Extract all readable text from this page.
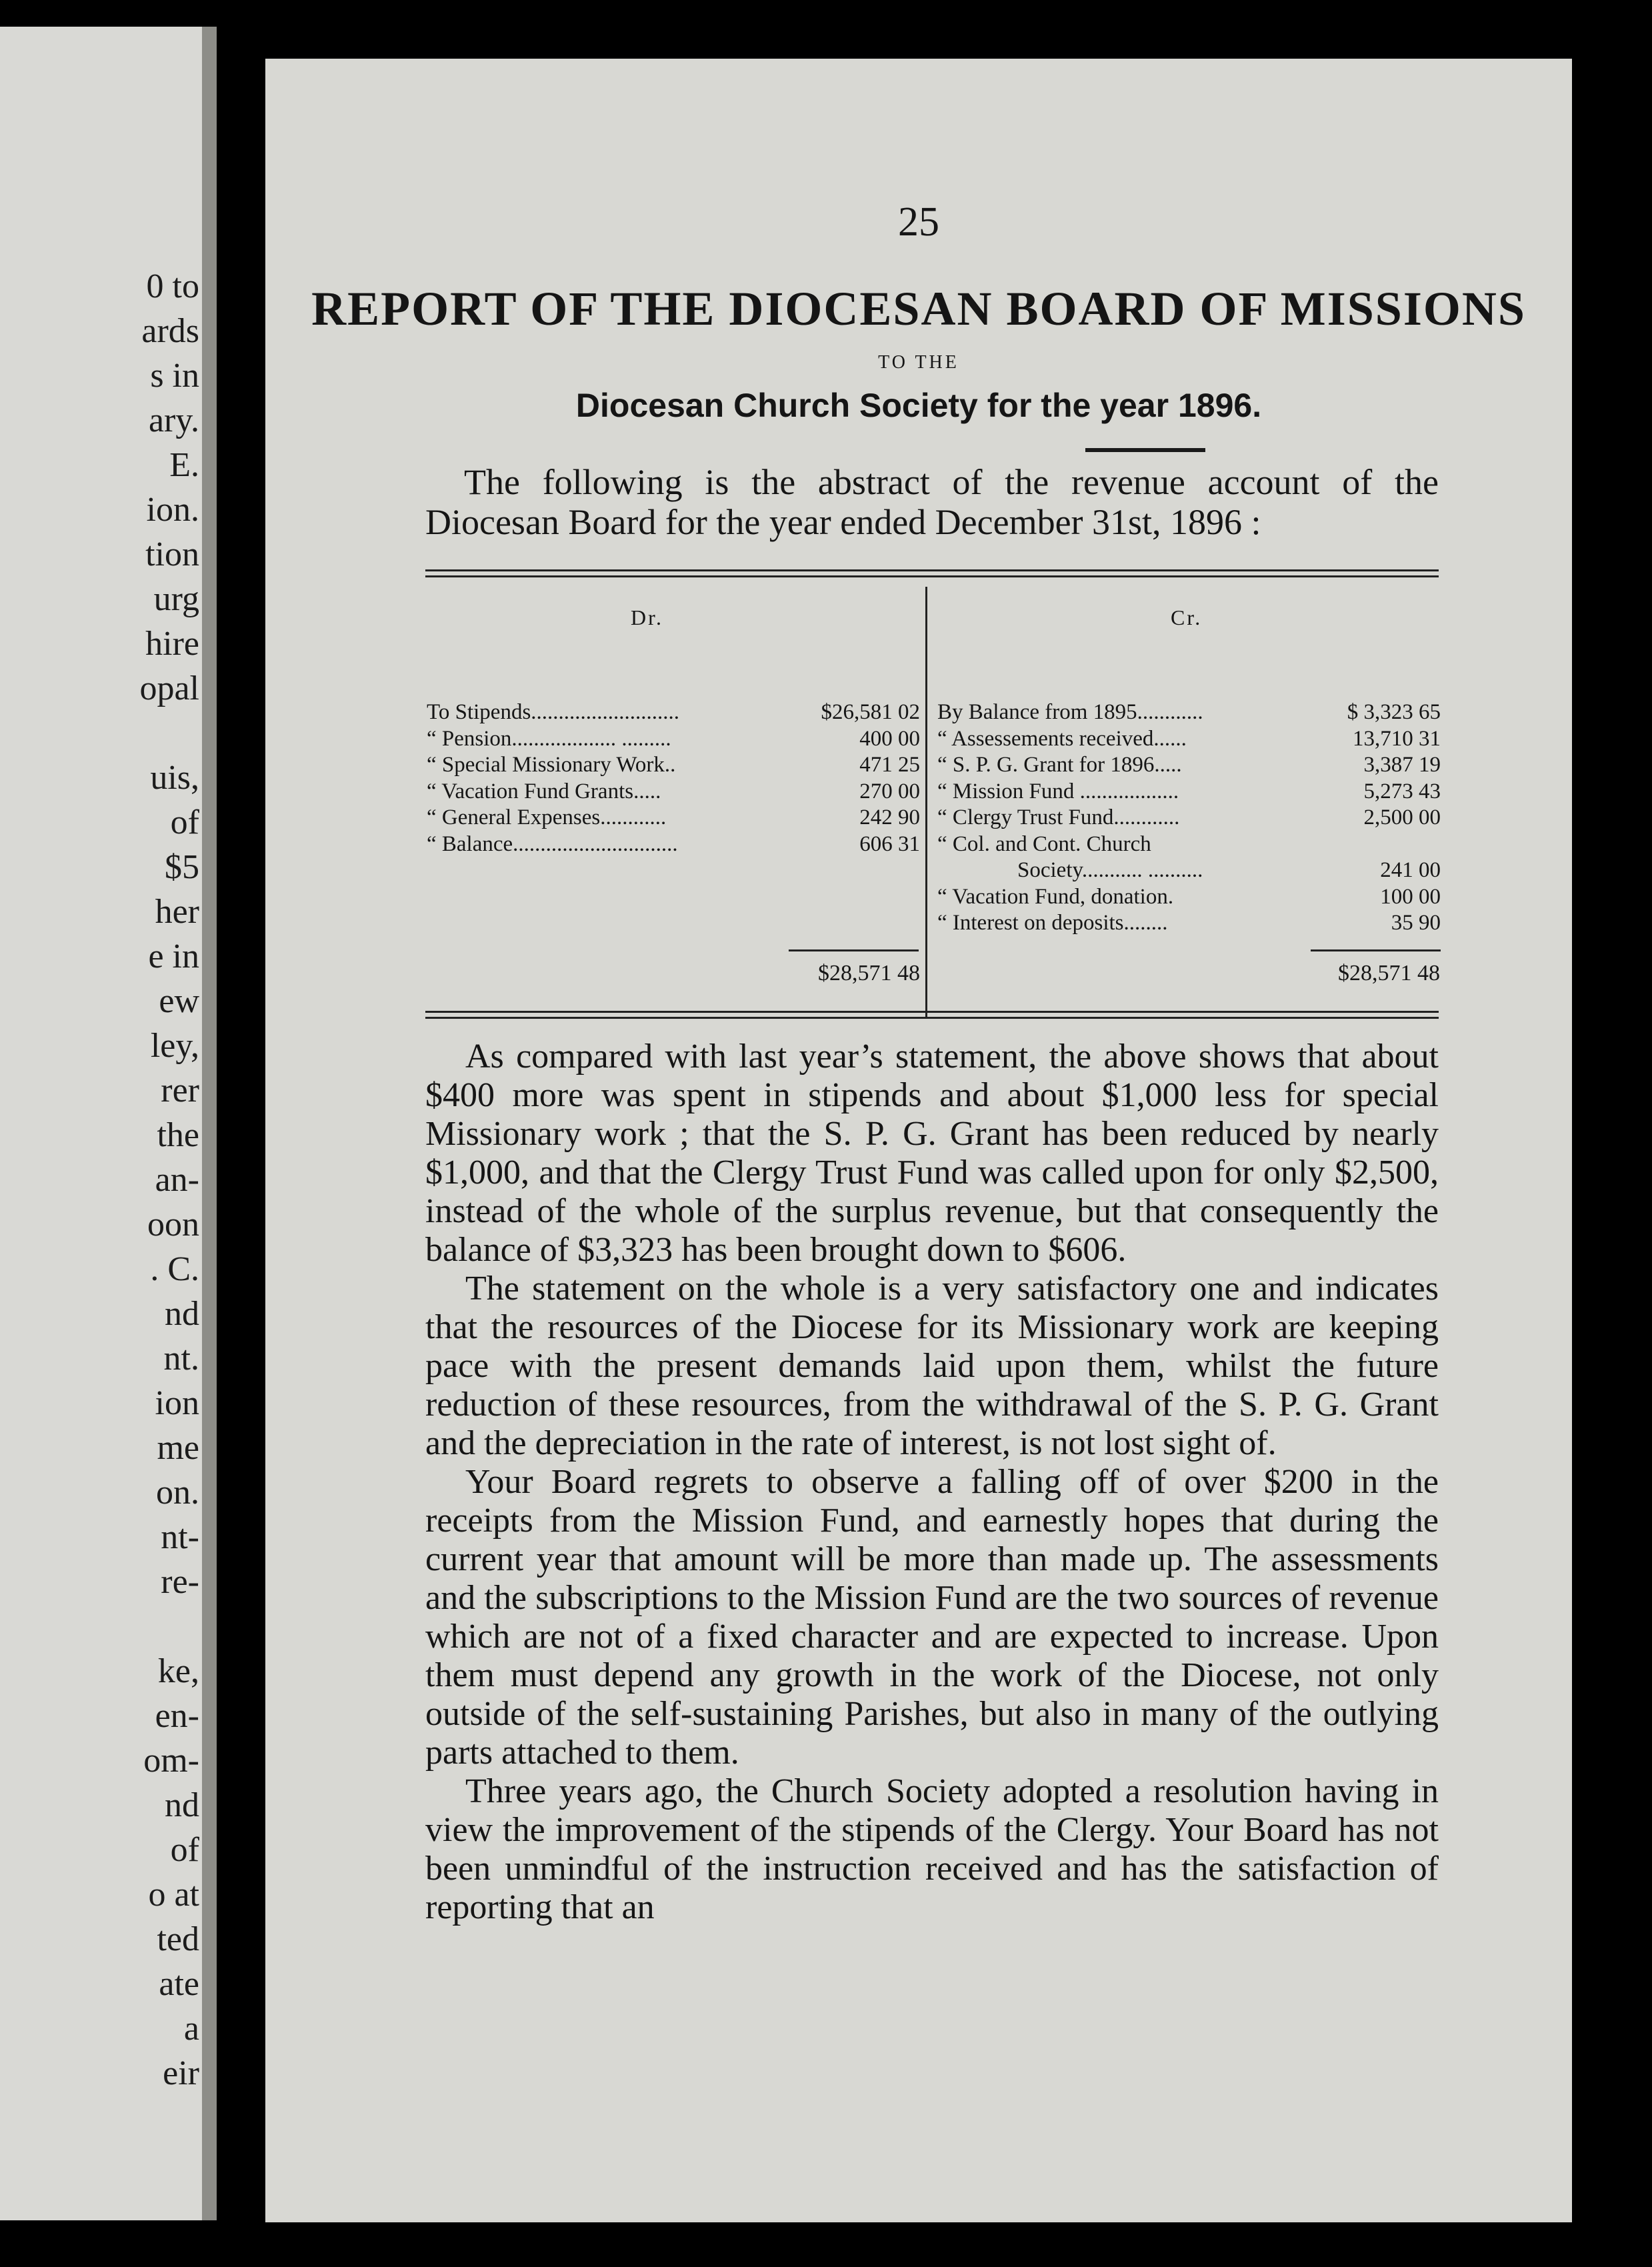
0 to
ards
s in
ary.
E.
ion.
tion
urg
hire
opal
uis,
of
$5
her
e in
ew
ley,
rer
the
an-
oon
. C.
nd
nt.
ion
me
on.
nt-
re-
ke,
en-
om-
nd
of
o at
ted
ate
a
eir
25
REPORT OF THE DIOCESAN BOARD OF MISSIONS
TO THE
Diocesan Church Society for the year 1896.
The following is the abstract of the revenue account of the Diocesan Board for the year ended December 31st, 1896 :
Dr.	Cr.
To Stipends...........................	$26,581 02
“ Pension................... .........	400 00
“ Special Missionary Work..	471 25
“ Vacation Fund Grants.....	270 00
“ General Expenses............	242 90
“ Balance..............................	606 31
By Balance from 1895............	$ 3,323 65
“ Assessements received......	13,710 31
“ S. P. G. Grant for 1896.....	3,387 19
“ Mission Fund ..................	5,273 43
“ Clergy Trust Fund............	2,500 00
“ Col. and Cont. Church
Society........... ..........	241 00
“ Vacation Fund, donation.	100 00
“ Interest on deposits........	35 90
$28,571 48	$28,571 48

As compared with last year’s statement, the above shows that about $400 more was spent in stipends and about $1,000 less for special Missionary work ; that the S. P. G. Grant has been reduced by nearly $1,000, and that the Clergy Trust Fund was called upon for only $2,500, instead of the whole of the surplus revenue, but that consequently the balance of $3,323 has been brought down to $606.

The statement on the whole is a very satisfactory one and indicates that the resources of the Diocese for its Missionary work are keeping pace with the present demands laid upon them, whilst the future reduction of these resources, from the withdrawal of the S. P. G. Grant and the depreciation in the rate of interest, is not lost sight of.

Your Board regrets to observe a falling off of over $200 in the receipts from the Mission Fund, and earnestly hopes that during the current year that amount will be more than made up. The assessments and the subscriptions to the Mission Fund are the two sources of revenue which are not of a fixed character and are expected to increase. Upon them must depend any growth in the work of the Diocese, not only outside of the self-sustaining Parishes, but also in many of the outlying parts attached to them.

Three years ago, the Church Society adopted a resolution having in view the improvement of the stipends of the Clergy. Your Board has not been unmindful of the instruction received and has the satisfaction of reporting that an
